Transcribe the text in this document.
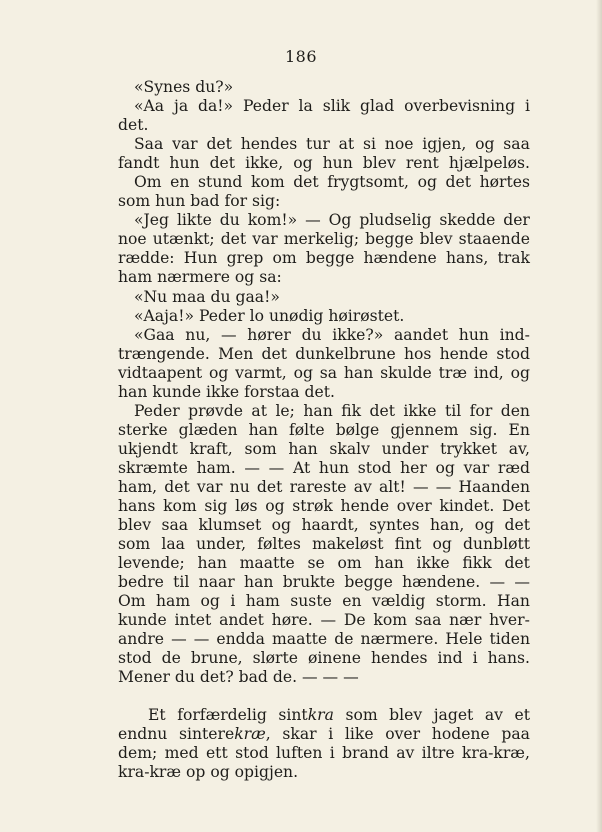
186
«Synes du?»
«Aa ja da!» Peder la slik glad overbevisning i
det.
Saa var det hendes tur at si noe igjen, og saa
fandt hun det ikke, og hun blev rent hjælpeløs.
Om en stund kom det frygtsomt, og det hørtes
som hun bad for sig:
«Jeg likte du kom!» — Og pludselig skedde der
noe utænkt; det var merkelig; begge blev staaende
rædde: Hun grep om begge hændene hans, trak
ham nærmere og sa:
«Nu maa du gaa!»
«Aaja!» Peder lo unødig høirøstet.
«Gaa nu, — hører du ikke?» aandet hun ind-
trængende. Men det dunkelbrune hos hende stod
vidtaapent og varmt, og sa han skulde træ ind, og
han kunde ikke forstaa det.
Peder prøvde at le; han fik det ikke til for den
sterke glæden han følte bølge gjennem sig. En
ukjendt kraft, som han skalv under trykket av,
skræmte ham. — — At hun stod her og var ræd
ham, det var nu det rareste av alt! — — Haanden
hans kom sig løs og strøk hende over kindet. Det
blev saa klumset og haardt, syntes han, og det
som laa under, føltes makeløst fint og dunbløtt
levende; han maatte se om han ikke fikk det
bedre til naar han brukte begge hændene. — —
Om ham og i ham suste en vældig storm. Han
kunde intet andet høre. — De kom saa nær hver-
andre — — endda maatte de nærmere. Hele tiden
stod de brune, slørte øinene hendes ind i hans.
Mener du det? bad de. — — —
Et forfærdelig sintkra som blev jaget av et
endnu sinterekræ, skar i like over hodene paa
dem; med ett stod luften i brand av iltre kra-kræ,
kra-kræ op og opigjen.
